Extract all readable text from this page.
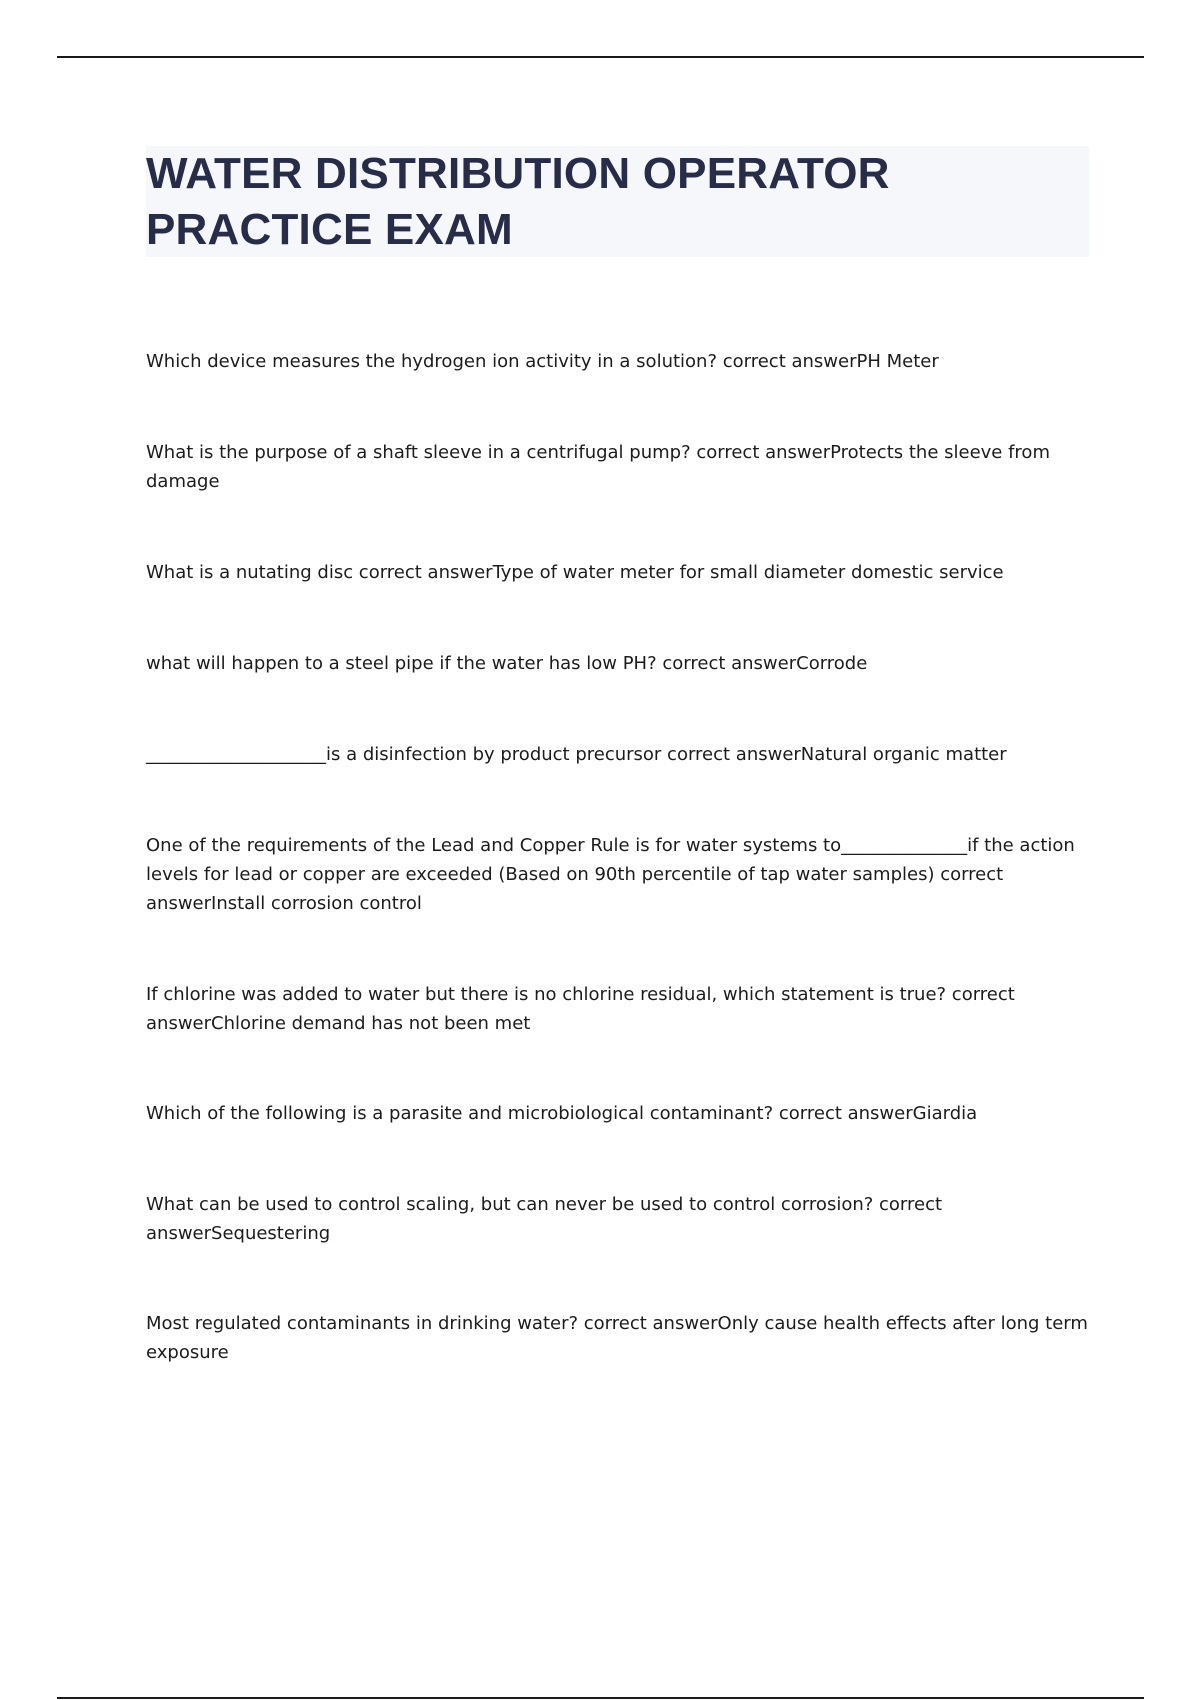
WATER DISTRIBUTION OPERATOR
PRACTICE EXAM
Which device measures the hydrogen ion activity in a solution? correct answerPH Meter
What is the purpose of a shaft sleeve in a centrifugal pump? correct answerProtects the sleeve from damage
What is a nutating disc correct answerType of water meter for small diameter domestic service
what will happen to a steel pipe if the water has low PH? correct answerCorrode
____________________is a disinfection by product precursor correct answerNatural organic matter
One of the requirements of the Lead and Copper Rule is for water systems to______________if the action levels for lead or copper are exceeded (Based on 90th percentile of tap water samples) correct answerInstall corrosion control
If chlorine was added to water but there is no chlorine residual, which statement is true? correct answerChlorine demand has not been met
Which of the following is a parasite and microbiological contaminant? correct answerGiardia
What can be used to control scaling, but can never be used to control corrosion? correct answerSequestering
Most regulated contaminants in drinking water? correct answerOnly cause health effects after long term exposure
